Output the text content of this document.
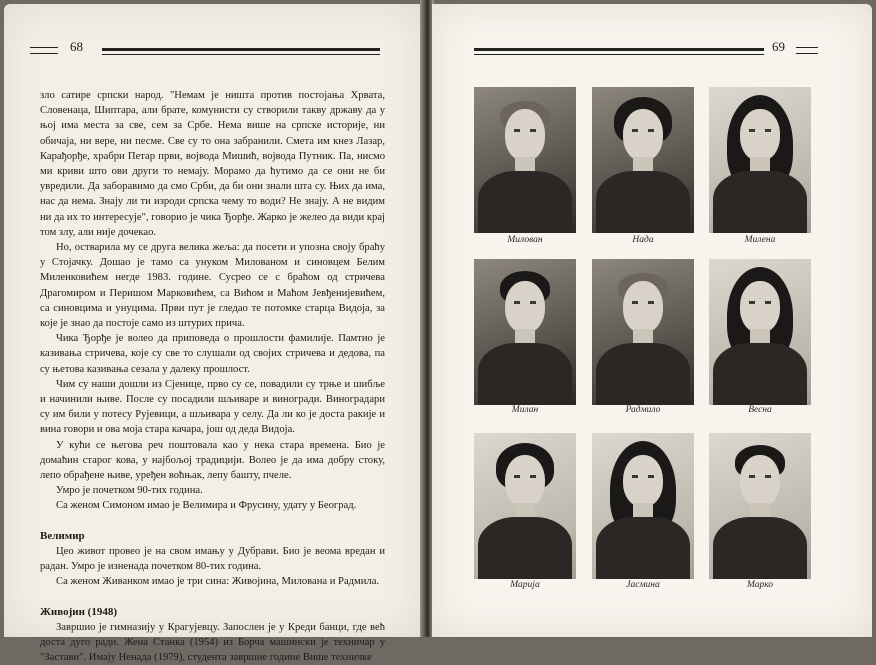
68	69

зло сатире српски народ. "Немам је ништа против постојања Хрвата, Словенаца, Шиптара, али брате, комунисти су створили такву државу да у њој има места за све, сем за Србе. Нема више на српске историје, ни обичаја, ни вере, ни песме. Све су то она забранили. Смета им кнез Лазар, Карађорђе, храбри Петар први, војвода Мишић, војвода Путник. Па, нисмо ми криви што ови други то немају. Морамо да ћутимо да се они не би увредили. Да заборавимо да смо Срби, да би они знали шта су. Њих да има, нас да нема. Знају ли ти изроди српска чему то води? Не знају. А не видим ни да их то интересује", говорио је чика Ђорђе. Жарко је желео да види крај том злу, али није дочекао.

Но, остварила му се друга велика жеља: да посети и упозна своју браћу у Стојачку. Дошао је тамо са унуком Милованом и синовцем Белим Миленковићем негде 1983. године. Сусрео се с браћом од стричева Драгомиром и Перишом Марковићем, са Вићом и Маћом Јевђенијевићем, са синовцима и унуцима. Први пут је гледао те потомке старца Видоја, за које је знао да постоје само из штурих прича.

Чика Ђорђе је волео да приповеда о прошлости фамилије. Памтио је казивања стричева, које су све то слушали од својих стричева и дедова, па су њетова казивања сезала у далеку прошлост.

Чим су наши дошли из Сјенице, прво су се, повадили су трње и шибље и начинили њиве. После су посадили шљиваре и виногради. Виноградари су им били у потесу Рујевици, а шљивара у селу. Да ли ко је доста ракије и вина говори и ова моја стара качара, још од деда Видоја.

У кући се његова реч поштовала као у нека стара времена. Био је домаћин старог кова, у најбољој традицији. Волео је да има добру стоку, лепо обрађене њиве, уређен воћњак, лепу башту, пчеле.

Умро је почетком 90-тих година.

Са женом Симоном имао је Велимира и Фрусину, удату у Београд.

Велимир

Цео живот провео је на свом имању у Дубрави. Био је веома вредан и радан. Умро је изненада почетком 80-тих година.

Са женом Живанком имао је три сина: Живојина, Милована и Радмила.

Живојин (1948)

Завршио је гимназију у Крагујевцу. Запослен је у Креди банци, где већ доста дуго ради. Жена Станка (1954) из Борча машински је техничар у "Застави". Имају Ненада (1979), студента завршне године Више техничке

Милован	Нада	Милена
Милан	Радмило	Весна
Марија	Јасмина	Марко
